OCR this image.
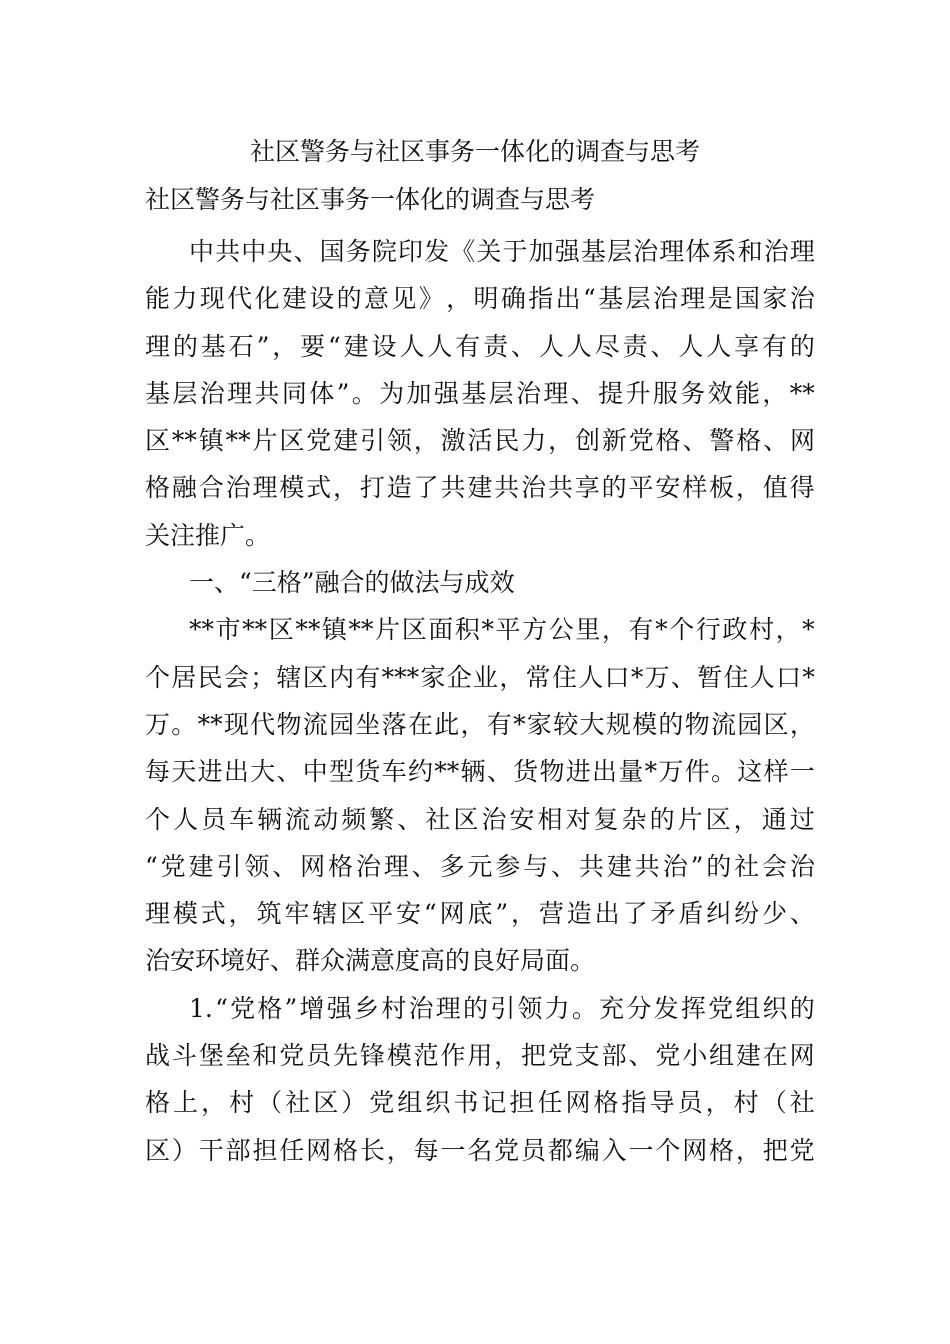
社区警务与社区事务一体化的调查与思考
社区警务与社区事务一体化的调查与思考
中 共 中 央 、 国 务 院 印 发 《 关 于 加 强 基 层 治 理 体 系 和 治 理
能 力 现 代 化 建 设 的 意 见 》 ， 明 确 指 出 “ 基 层 治 理 是 国 家 治
理 的 基 石 ” ， 要 “ 建 设 人 人 有 责 、 人 人 尽 责 、 人 人 享 有 的
基 层 治 理 共 同 体 ” 。 为 加 强 基 层 治 理 、 提 升 服 务 效 能 ， **
区 ** 镇 ** 片 区 党 建 引 领 ， 激 活 民 力 ， 创 新 党 格 、 警 格 、 网
格 融 合 治 理 模 式 ， 打 造 了 共 建 共 治 共 享 的 平 安 样 板 ， 值 得
关注推广。
一、“三格”融合的做法与成效
** 市 ** 区 ** 镇 ** 片 区 面 积 * 平 方 公 里 ， 有 * 个 行 政 村 ， *
个 居 民 会 ； 辖 区 内 有 *** 家 企 业 ， 常 住 人 口 * 万 、 暂 住 人 口 *
万 。 ** 现 代 物 流 园 坐 落 在 此 ， 有 * 家 较 大 规 模 的 物 流 园 区 ，
每 天 进 出 大 、 中 型 货 车 约 ** 辆 、 货 物 进 出 量 * 万 件 。 这 样 一
个 人 员 车 辆 流 动 频 繁 、 社 区 治 安 相 对 复 杂 的 片 区 ， 通 过
“ 党 建 引 领 、 网 格 治 理 、 多 元 参 与 、 共 建 共 治 ” 的 社 会 治
理 模 式 ， 筑 牢 辖 区 平 安 “ 网 底 ” ， 营 造 出 了 矛 盾 纠 纷 少 、
治安环境好、群众满意度高的良好局面。
1. “ 党 格 ” 增 强 乡 村 治 理 的 引 领 力 。 充 分 发 挥 党 组 织 的
战 斗 堡 垒 和 党 员 先 锋 模 范 作 用 ， 把 党 支 部 、 党 小 组 建 在 网
格 上 ， 村 （ 社 区 ） 党 组 织 书 记 担 任 网 格 指 导 员 ， 村 （ 社
区 ） 干 部 担 任 网 格 长 ， 每 一 名 党 员 都 编 入 一 个 网 格 ， 把 党
